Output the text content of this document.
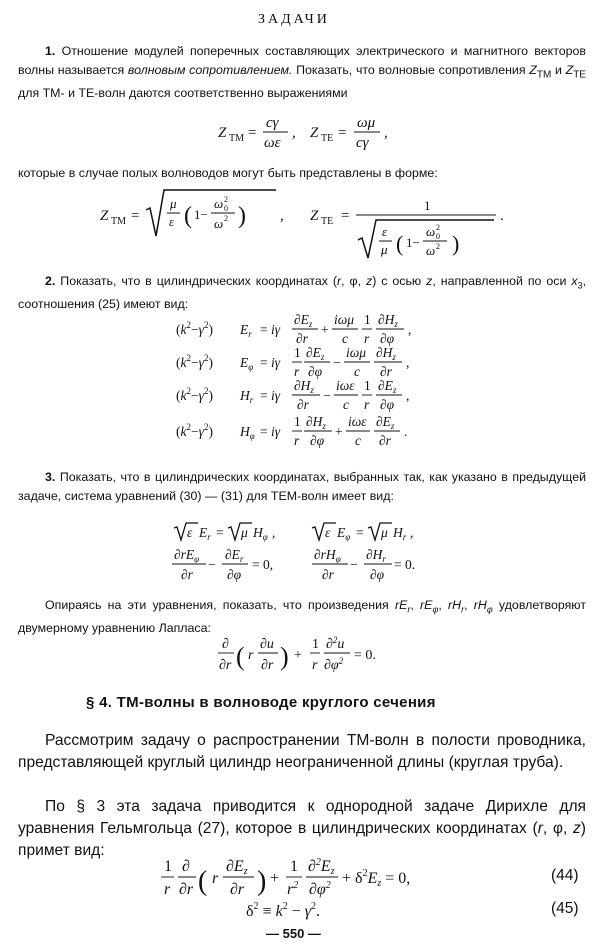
ЗАДАЧИ
1. Отношение модулей поперечных составляющих электрического и магнитного векторов волны называется волновым сопротивлением. Показать, что волновые сопротивления $Z_{ТМ}$ и $Z_{ТЕ}$ для ТМ- и ТЕ-волн даются соответственно выражениями
Z TM =
cγ
ωε
, Z TE =
ωμ
cγ
,
которые в случае полых волноводов могут быть представлены в форме:
Z TM =
μ
ε ( 1−
ω 0
2
ω 2 ) , Z TE =
1
ε
μ ( 1−
ω 0
2
ω 2 )
.
2. Показать, что в цилиндрических координатах (r, φ, z) с осью z, направленной по оси $x_3$, соотношения (25) имеют вид:
$(k^2-\gamma^2) E_r = i\gamma$
$\partial E_z$
∂r
+
iωμ
c
1
r
$\partial H_z$
∂φ
,
$(k^2-\gamma^2) E_\varphi = i\gamma$
1
r
$\partial E_z$
∂φ
−
iωμ
c
$\partial H_z$
∂r
,
$(k^2-\gamma^2) H_r = i\gamma$
$\partial H_z$
∂r
−
iωε
c
1
r
$\partial E_z$
∂φ
,
$(k^2-\gamma^2) H_\varphi = i\gamma$
1
r
$\partial H_z$
∂φ
+
iωε
c
$\partial E_z$
∂r
.
3. Показать, что в цилиндрических координатах, выбранных так, как указано в предыдущей задаче, система уравнений (30) — (31) для ТЕМ-волн имеет вид:
ε $E_r = \mu$ $H_\varphi$ ,	ε $E_\varphi = \mu$ $H_r$ ,
$\partial rE_\varphi$
∂r
−
$\partial E_r$
∂φ
= 0,
$\partial rH_\varphi$
∂r
−
$\partial H_r$
∂φ
= 0.
Опираясь на эти уравнения, показать, что произведения $rE_r$, $rE_\varphi$, $rH_r$, $rH_\varphi$ удовлетворяют двумерному уравнению Лапласа:
∂
∂r ( r
∂u
∂r ) +
1
r
∂$^2$u
$\partial\varphi^2 = 0$.
§ 4. ТМ-волны в волноводе круглого сечения
Рассмотрим задачу о распространении ТМ-волн в полости проводника, представляющей круглый цилиндр неограниченной длины (круглая труба).
По § 3 эта задача приводится к однородной задаче Дирихле для уравнения Гельмгольца (27), которое в цилиндрических координатах (r, φ, z) примет вид:
1
r
∂
∂r ( r
∂Ez
∂r ) +
1
$r^2$
∂$^2$Ez
$\partial\varphi^2 + \delta^2Ez = 0$,	(44)
$\delta^2 \equiv k^2 - \gamma^2$.	(45)
— 550 —
